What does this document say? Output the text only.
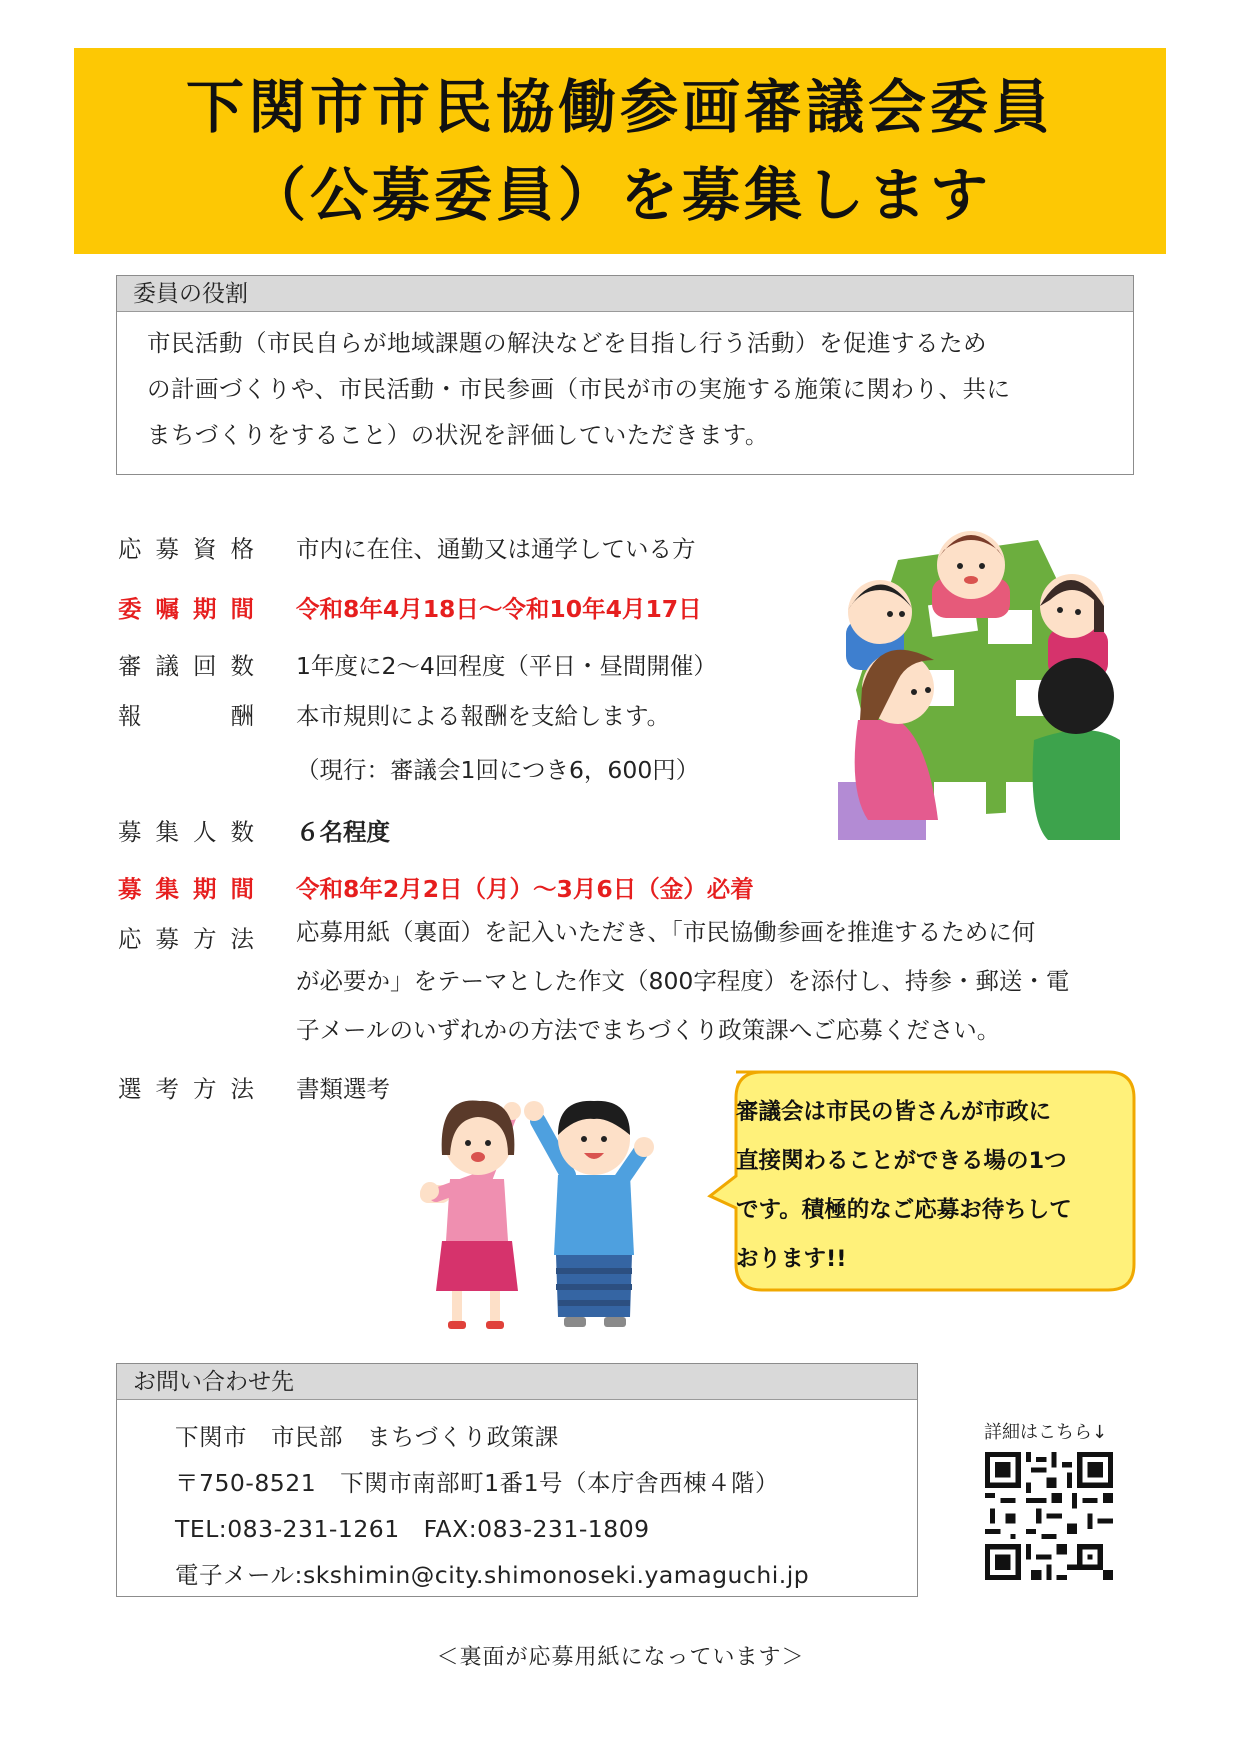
下関市市民協働参画審議会委員
（公募委員）を募集します
委員の役割
市民活動（市民自らが地域課題の解決などを目指し行う活動）を促進するため
の計画づくりや、市民活動・市民参画（市民が市の実施する施策に関わり、共に
まちづくりをすること）の状況を評価していただきます。
応 募 資 格 市内に在住、通勤又は通学している方
委 嘱 期 間 令和8年4月18日～令和10年4月17日
審 議 回 数 1年度に2～4回程度（平日・昼間開催）
報	酬 本市規則による報酬を支給します。
（現行：審議会1回につき6，600円）
募 集 人 数 ６名程度
募 集 期 間 令和8年2月2日（月）～3月6日（金）必着
応 募 方 法 応募用紙（裏面）を記入いただき、「市民協働参画を推進するために何
が必要か」をテーマとした作文（800字程度）を添付し、持参・郵送・電
子メールのいずれかの方法でまちづくり政策課へご応募ください。
選 考 方 法 書類選考
審議会は市民の皆さんが市政に
直接関わることができる場の1つ
です。積極的なご応募お待ちして
おります!!
お問い合わせ先
下関市　市民部　まちづくり政策課
〒750-8521　下関市南部町1番1号（本庁舎西棟４階）
TEL:083-231-1261　FAX:083-231-1809
電子メール:skshimin@city.shimonoseki.yamaguchi.jp
詳細はこちら↓
＜裏面が応募用紙になっています＞
